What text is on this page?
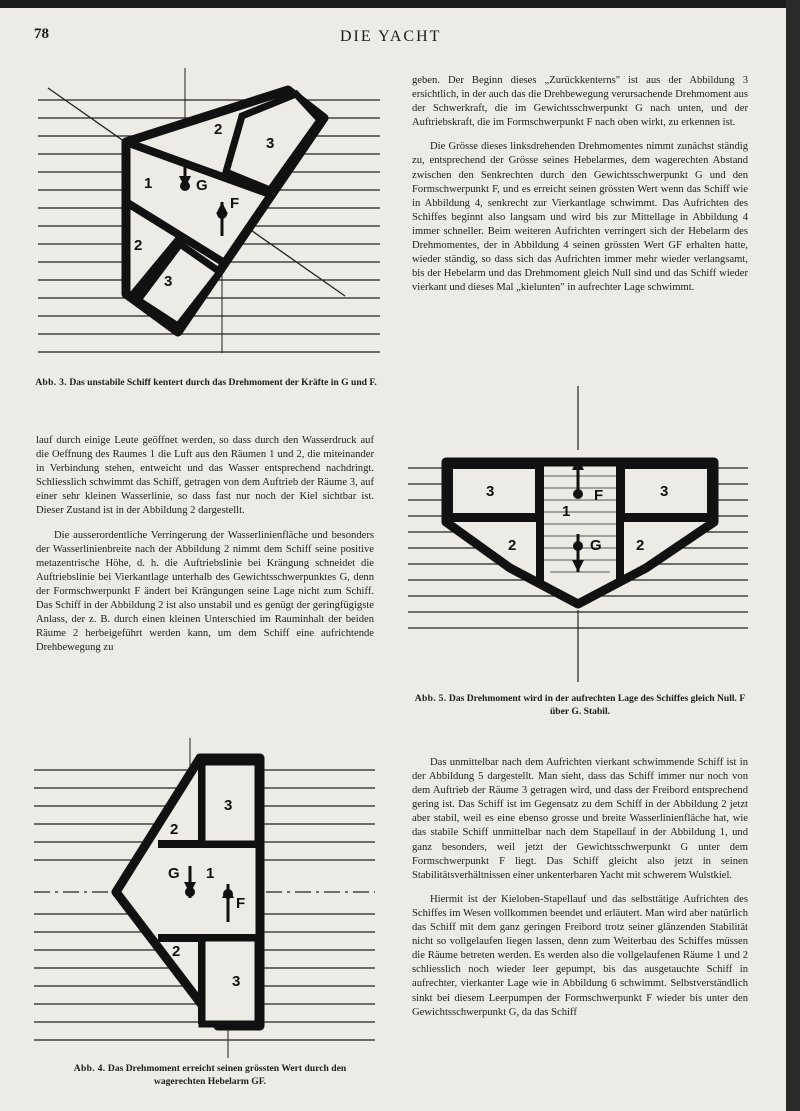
78	DIE YACHT
1
2
3
2
3
G
F
Abb. 3. Das unstabile Schiff kentert durch das Drehmoment der Kräfte in G und F.

lauf durch einige Leute geöffnet werden, so dass durch den Wasserdruck auf die Oeffnung des Raumes 1 die Luft aus den Räumen 1 und 2, die miteinander in Verbindung stehen, entweicht und das Wasser entsprechend nachdringt. Schliesslich schwimmt das Schiff, getragen von dem Auftrieb der Räume 3, auf einer sehr kleinen Wasserlinie, so dass fast nur noch der Kiel sichtbar ist. Dieser Zustand ist in der Abbildung 2 dargestellt.

Die ausserordentliche Verringerung der Wasserlinienfläche und besonders der Wasserlinienbreite nach der Abbildung 2 nimmt dem Schiff seine positive metazentrische Höhe, d. h. die Auftriebslinie bei Krängung schneidet die Auftriebslinie bei Vierkantlage unterhalb des Gewichtsschwerpunktes G, denn der Formschwerpunkt F ändert bei Krängungen seine Lage nicht zum Schiff. Das Schiff in der Abbildung 2 ist also unstabil und es genügt der geringfügigste Anlass, der z. B. durch einen kleinen Unterschied im Rauminhalt der beiden Räume 2 herbeigeführt werden kann, um dem Schiff eine aufrichtende Drehbewegung zu

3
2
G 1
F
2
3
Abb. 4. Das Drehmoment erreicht seinen grössten Wert durch den wagerechten Hebelarm GF.

geben. Der Beginn dieses „Zurückkenterns" ist aus der Abbildung 3 ersichtlich, in der auch das die Drehbewegung verursachende Drehmoment aus der Schwerkraft, die im Gewichtsschwerpunkt G nach unten, und der Auftriebskraft, die im Formschwerpunkt F nach oben wirkt, zu erkennen ist.

Die Grösse dieses linksdrehenden Drehmomentes nimmt zunächst ständig zu, entsprechend der Grösse seines Hebelarmes, dem wagerechten Abstand zwischen den Senkrechten durch den Gewichtsschwerpunkt G und den Formschwerpunkt F, und es erreicht seinen grössten Wert wenn das Schiff wie in Abbildung 4, senkrecht zur Vierkantlage schwimmt. Das Aufrichten des Schiffes beginnt also langsam und wird bis zur Mittellage in Abbildung 4 immer schneller. Beim weiteren Aufrichten verringert sich der Hebelarm des Drehmomentes, der in Abbildung 4 seinen grössten Wert GF erhalten hatte, wieder ständig, so dass sich das Aufrichten immer mehr wieder verlangsamt, bis der Hebelarm und das Drehmoment gleich Null sind und das Schiff wieder vierkant und dieses Mal „kielunten" in aufrechter Lage schwimmt.

3	F	3
1
2	G 2
Abb. 5. Das Drehmoment wird in der aufrechten Lage des Schiffes gleich Null. F über G. Stabil.

Das unmittelbar nach dem Aufrichten vierkant schwimmende Schiff ist in der Abbildung 5 dargestellt. Man sieht, dass das Schiff immer nur noch von dem Auftrieb der Räume 3 getragen wird, und dass der Freibord entsprechend gering ist. Das Schiff ist im Gegensatz zu dem Schiff in der Abbildung 2 jetzt aber stabil, weil es eine ebenso grosse und breite Wasserlinienfläche hat, wie das stabile Schiff unmittelbar nach dem Stapellauf in der Abbildung 1, und ganz besonders, weil jetzt der Gewichtsschwerpunkt G unter dem Formschwerpunkt F liegt. Das Schiff gleicht also jetzt in seinen Stabilitätsverhältnissen einer unkenterbaren Yacht mit schwerem Wulstkiel.

Hiermit ist der Kieloben-Stapellauf und das selbsttätige Aufrichten des Schiffes im Wesen vollkommen beendet und erläutert. Man wird aber natürlich das Schiff mit dem ganz geringen Freibord trotz seiner glänzenden Stabilität nicht so vollgelaufen liegen lassen, denn zum Weiterbau des Schiffes müssen die Räume betreten werden. Es werden also die vollgelaufenen Räume 1 und 2 schliesslich noch wieder leer gepumpt, bis das ausgetauchte Schiff in aufrechter, vierkanter Lage wie in Abbildung 6 schwimmt. Selbstverständlich sinkt bei diesem Leerpumpen der Formschwerpunkt F wieder bis unter den Gewichtsschwerpunkt G, da das Schiff
